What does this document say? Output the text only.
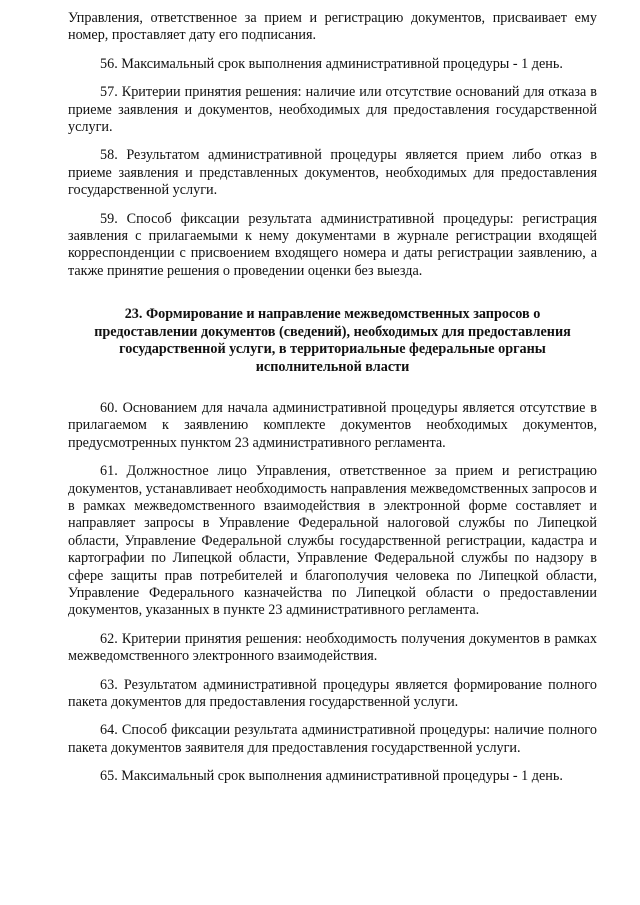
Управления, ответственное за прием и регистрацию документов, присваивает ему номер, проставляет дату его подписания.

56. Максимальный срок выполнения административной процедуры - 1 день.

57. Критерии принятия решения: наличие или отсутствие оснований для отказа в приеме заявления и документов, необходимых для предоставления государственной услуги.

58. Результатом административной процедуры является прием либо отказ в приеме заявления и представленных документов, необходимых для предоставления государственной услуги.

59. Способ фиксации результата административной процедуры: регистрация заявления с прилагаемыми к нему документами в журнале регистрации входящей корреспонденции с присвоением входящего номера и даты регистрации заявлению, а также принятие решения о проведении оценки без выезда.

23. Формирование и направление межведомственных запросов о предоставлении документов (сведений), необходимых для предоставления государственной услуги, в территориальные федеральные органы исполнительной власти

60. Основанием для начала административной процедуры является отсутствие в прилагаемом к заявлению комплекте документов необходимых документов, предусмотренных пунктом 23 административного регламента.

61. Должностное лицо Управления, ответственное за прием и регистрацию документов, устанавливает необходимость направления межведомственных запросов и в рамках межведомственного взаимодействия в электронной форме составляет и направляет запросы в Управление Федеральной налоговой службы по Липецкой области, Управление Федеральной службы государственной регистрации, кадастра и картографии по Липецкой области, Управление Федеральной службы по надзору в сфере защиты прав потребителей и благополучия человека по Липецкой области, Управление Федерального казначейства по Липецкой области о предоставлении документов, указанных в пункте 23 административного регламента.

62. Критерии принятия решения: необходимость получения документов в рамках межведомственного электронного взаимодействия.

63. Результатом административной процедуры является формирование полного пакета документов для предоставления государственной услуги.

64. Способ фиксации результата административной процедуры: наличие полного пакета документов заявителя для предоставления государственной услуги.

65. Максимальный срок выполнения административной процедуры - 1 день.
